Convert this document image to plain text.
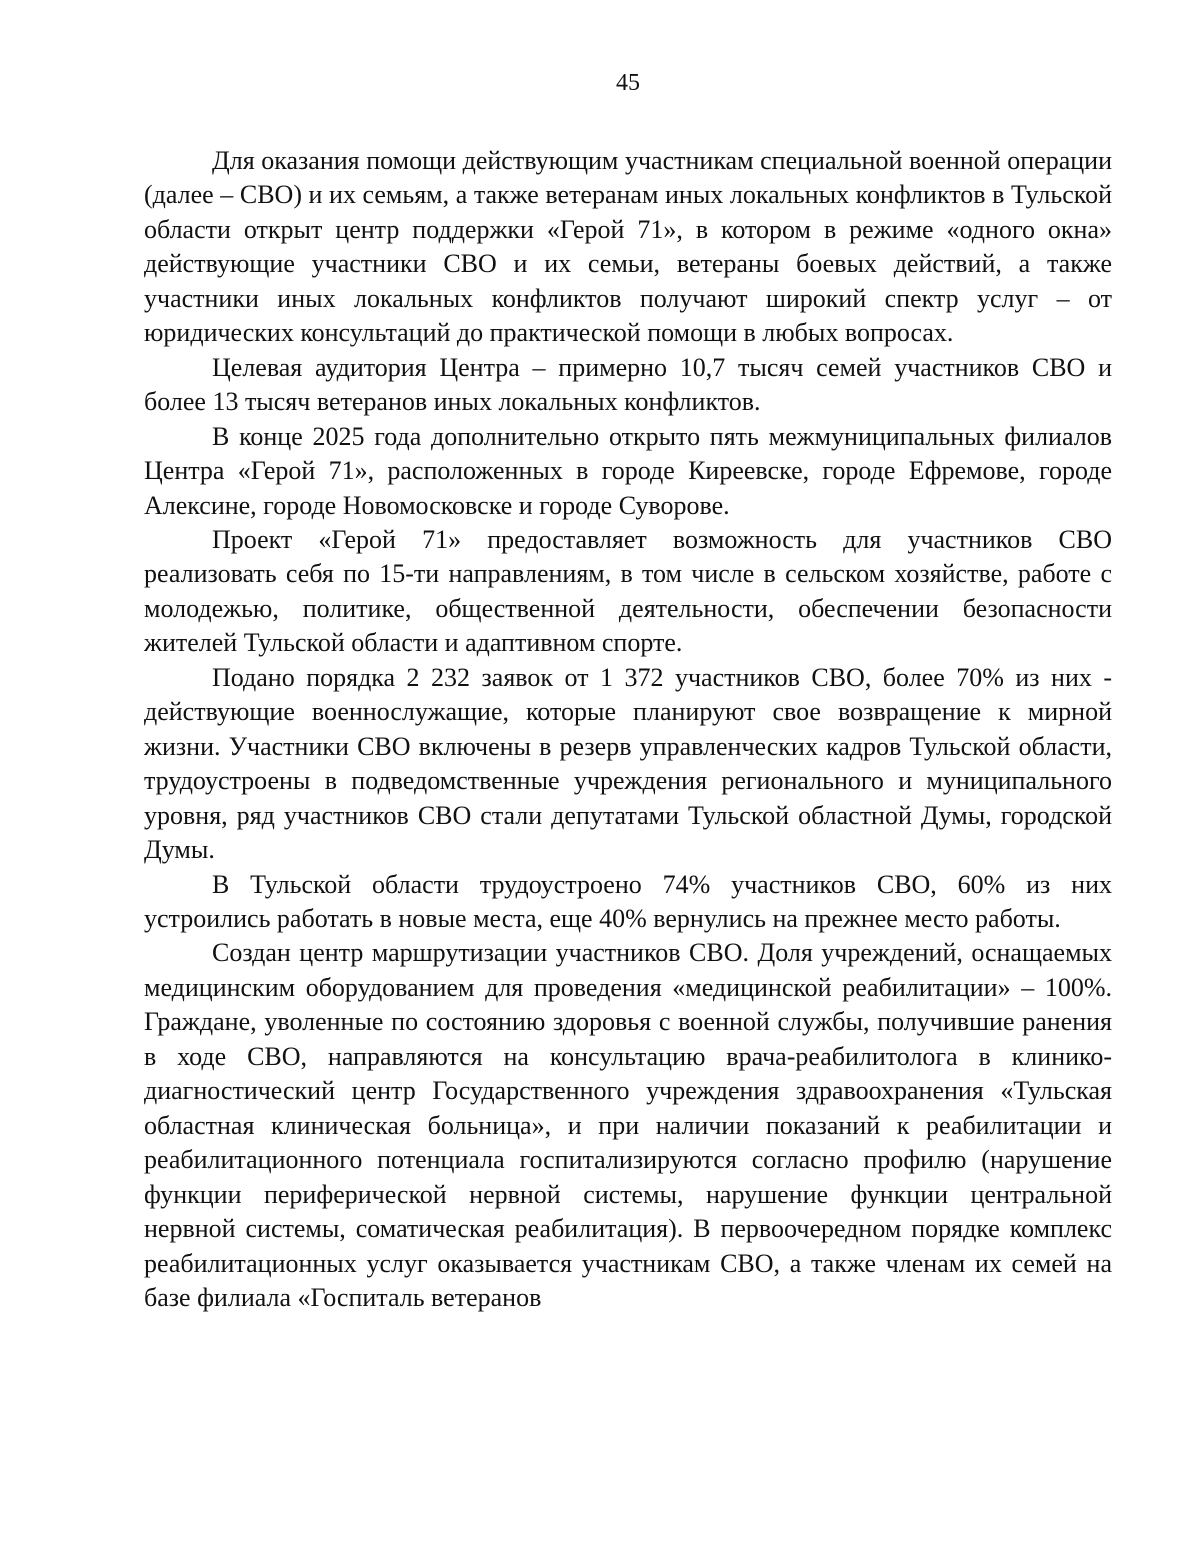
45

Для оказания помощи действующим участникам специальной военной операции (далее – СВО) и их семьям, а также ветеранам иных локальных конфликтов в Тульской области открыт центр поддержки «Герой 71», в котором в режиме «одного окна» действующие участники СВО и их семьи, ветераны боевых действий, а также участники иных локальных конфликтов получают широкий спектр услуг – от юридических консультаций до практической помощи в любых вопросах.

Целевая аудитория Центра – примерно 10,7 тысяч семей участников СВО и более 13 тысяч ветеранов иных локальных конфликтов.

В конце 2025 года дополнительно открыто пять межмуниципальных филиалов Центра «Герой 71», расположенных в городе Киреевске, городе Ефремове, городе Алексине, городе Новомосковске и городе Суворове.

Проект «Герой 71» предоставляет возможность для участников СВО реализовать себя по 15-ти направлениям, в том числе в сельском хозяйстве, работе с молодежью, политике, общественной деятельности, обеспечении безопасности жителей Тульской области и адаптивном спорте.

Подано порядка 2 232 заявок от 1 372 участников СВО, более 70% из них - действующие военнослужащие, которые планируют свое возвращение к мирной жизни. Участники СВО включены в резерв управленческих кадров Тульской области, трудоустроены в подведомственные учреждения регионального и муниципального уровня, ряд участников СВО стали депутатами Тульской областной Думы, городской Думы.

В Тульской области трудоустроено 74% участников СВО, 60% из них устроились работать в новые места, еще 40% вернулись на прежнее место работы.

Создан центр маршрутизации участников СВО. Доля учреждений, оснащаемых медицинским оборудованием для проведения «медицинской реабилитации» – 100%. Граждане, уволенные по состоянию здоровья с военной службы, получившие ранения в ходе СВО, направляются на консультацию врача-реабилитолога в клинико-диагностический центр Государственного учреждения здравоохранения «Тульская областная клиническая больница», и при наличии показаний к реабилитации и реабилитационного потенциала госпитализируются согласно профилю (нарушение функции периферической нервной системы, нарушение функции центральной нервной системы, соматическая реабилитация). В первоочередном порядке комплекс реабилитационных услуг оказывается участникам СВО, а также членам их семей на базе филиала «Госпиталь ветеранов
